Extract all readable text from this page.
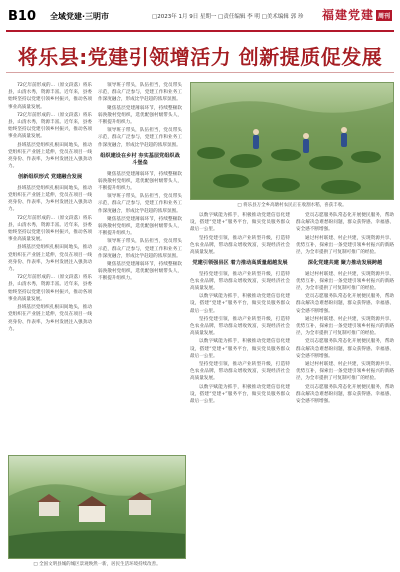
B10 全域党建·三明市	□2023年 1月 9日 星期一 □责任编辑 李 明 □美术编辑 郭 珍 福建党建 周刊
将乐县:党建引领增活力 创新提质促发展

72亿年前形成的...（原文段落）将乐县，山清水秀，资源丰富。近年来，县委始终坚持以党建引领乡村振兴，推动各项事业高质量发展。

72亿年前形成的...（原文段落）将乐县，山清水秀，资源丰富。近年来，县委始终坚持以党建引领乡村振兴，推动各项事业高质量发展。

县域基层党组织扎根田间地头，推动党组织在产业链上延伸，党员在项目一线亮身份、作表率，为乡村发展注入强劲动力。

创新组织形式 党建融合发展

县域基层党组织扎根田间地头，推动党组织在产业链上延伸，党员在项目一线亮身份、作表率，为乡村发展注入强劲动力。

72亿年前形成的...（原文段落）将乐县，山清水秀，资源丰富。近年来，县委始终坚持以党建引领乡村振兴，推动各项事业高质量发展。

县域基层党组织扎根田间地头，推动党组织在产业链上延伸，党员在项目一线亮身份、作表率，为乡村发展注入强劲动力。

72亿年前形成的...（原文段落）将乐县，山清水秀，资源丰富。近年来，县委始终坚持以党建引领乡村振兴，推动各项事业高质量发展。

县域基层党组织扎根田间地头，推动党组织在产业链上延伸，党员在项目一线亮身份、作表率，为乡村发展注入强劲动力。

□ 全国文明县城的城区景观焕然一新，居民生活环境持续改善。

领导班子带头，队伍担当，党员带头示范，群众广泛参与，党建工作和业务工作深度融合，形成比学赶超的浓厚氛围。

聚焦基层党建薄弱环节，持续整顿软弱涣散村党组织，选优配强村级带头人，不断提升组织力。

领导班子带头，队伍担当，党员带头示范，群众广泛参与，党建工作和业务工作深度融合，形成比学赶超的浓厚氛围。

组织建设在乡村 夯实基层党组织战斗堡垒

聚焦基层党建薄弱环节，持续整顿软弱涣散村党组织，选优配强村级带头人，不断提升组织力。

领导班子带头，队伍担当，党员带头示范，群众广泛参与，党建工作和业务工作深度融合，形成比学赶超的浓厚氛围。

聚焦基层党建薄弱环节，持续整顿软弱涣散村党组织，选优配强村级带头人，不断提升组织力。

领导班子带头，队伍担当，党员带头示范，群众广泛参与，党建工作和业务工作深度融合，形成比学赶超的浓厚氛围。

聚焦基层党建薄弱环节，持续整顿软弱涣散村党组织，选优配强村级带头人，不断提升组织力。

□ 将乐县万全乡高塘村农民正在收割水稻，喜获丰收。

以数字赋能为抓手，积极推动党建信息化建设，搭建“党建+”服务平台，做实党员服务群众最后一公里。

坚持党建引领，推动产业转型升级，打造特色农业品牌，带动群众增收致富，实现经济社会高质量发展。

党建引领强县区 着力推动高质量超越发展

坚持党建引领，推动产业转型升级，打造特色农业品牌，带动群众增收致富，实现经济社会高质量发展。

以数字赋能为抓手，积极推动党建信息化建设，搭建“党建+”服务平台，做实党员服务群众最后一公里。

坚持党建引领，推动产业转型升级，打造特色农业品牌，带动群众增收致富，实现经济社会高质量发展。

以数字赋能为抓手，积极推动党建信息化建设，搭建“党建+”服务平台，做实党员服务群众最后一公里。

坚持党建引领，推动产业转型升级，打造特色农业品牌，带动群众增收致富，实现经济社会高质量发展。

以数字赋能为抓手，积极推动党建信息化建设，搭建“党建+”服务平台，做实党员服务群众最后一公里。

党员志愿服务队常态化开展便民服务，帮助群众解决急难愁盼问题，群众获得感、幸福感、安全感不断增强。

通过村村联建、村企共建，实现资源共享、优势互补，探索出一条党建引领乡村振兴的新路径，为全市提供了可复制可推广的经验。

深化党建共建 聚力推动发展跨越

通过村村联建、村企共建，实现资源共享、优势互补，探索出一条党建引领乡村振兴的新路径，为全市提供了可复制可推广的经验。

党员志愿服务队常态化开展便民服务，帮助群众解决急难愁盼问题，群众获得感、幸福感、安全感不断增强。

通过村村联建、村企共建，实现资源共享、优势互补，探索出一条党建引领乡村振兴的新路径，为全市提供了可复制可推广的经验。

党员志愿服务队常态化开展便民服务，帮助群众解决急难愁盼问题，群众获得感、幸福感、安全感不断增强。

通过村村联建、村企共建，实现资源共享、优势互补，探索出一条党建引领乡村振兴的新路径，为全市提供了可复制可推广的经验。

党员志愿服务队常态化开展便民服务，帮助群众解决急难愁盼问题，群众获得感、幸福感、安全感不断增强。
